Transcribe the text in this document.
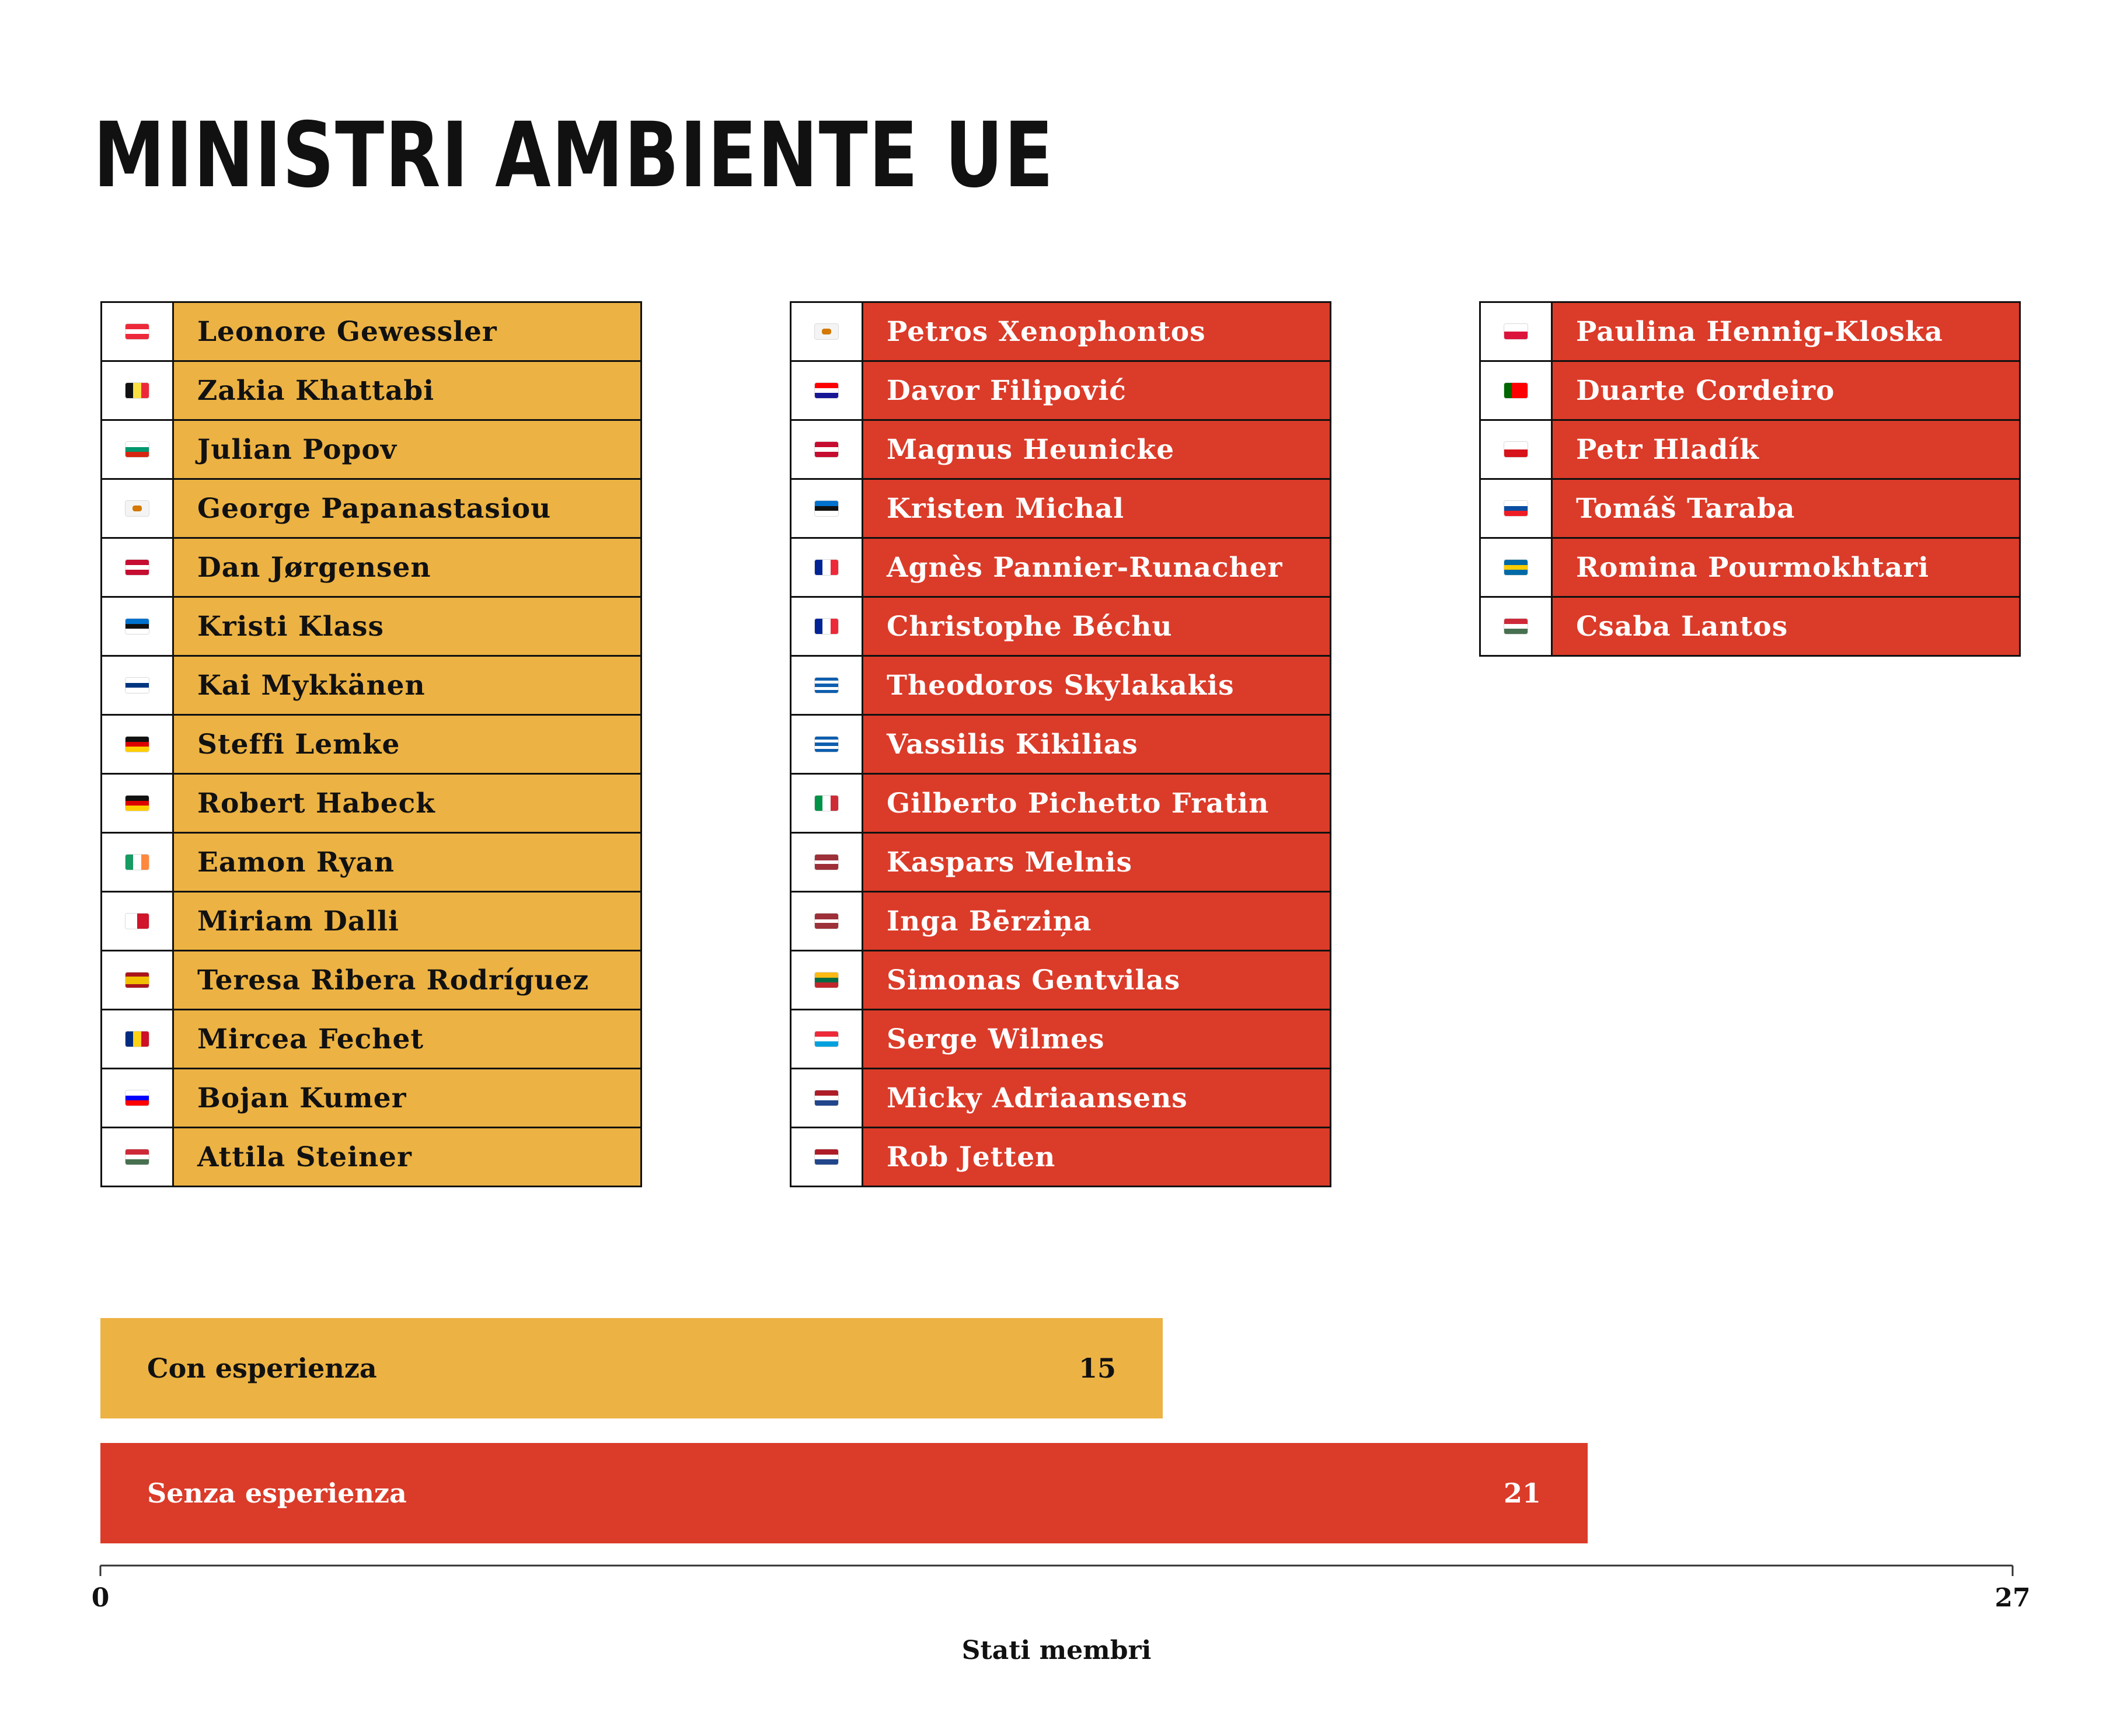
MINISTRI AMBIENTE UE
Leonore Gewessler
Zakia Khattabi
Julian Popov
George Papanastasiou
Dan Jørgensen
Kristi Klass
Kai Mykkänen
Steffi Lemke
Robert Habeck
Eamon Ryan
Miriam Dalli
Teresa Ribera Rodríguez
Mircea Fechet
Bojan Kumer
Attila Steiner
Petros Xenophontos
Davor Filipović
Magnus Heunicke
Kristen Michal
Agnès Pannier-Runacher
Christophe Béchu
Theodoros Skylakakis
Vassilis Kikilias
Gilberto Pichetto Fratin
Kaspars Melnis
Inga Bērziņa
Simonas Gentvilas
Serge Wilmes
Micky Adriaansens
Rob Jetten
Paulina Hennig-Kloska
Duarte Cordeiro
Petr Hladík
Tomáš Taraba
Romina Pourmokhtari
Csaba Lantos
Con esperienza	15
Senza esperienza	21
0	27
Stati membri
